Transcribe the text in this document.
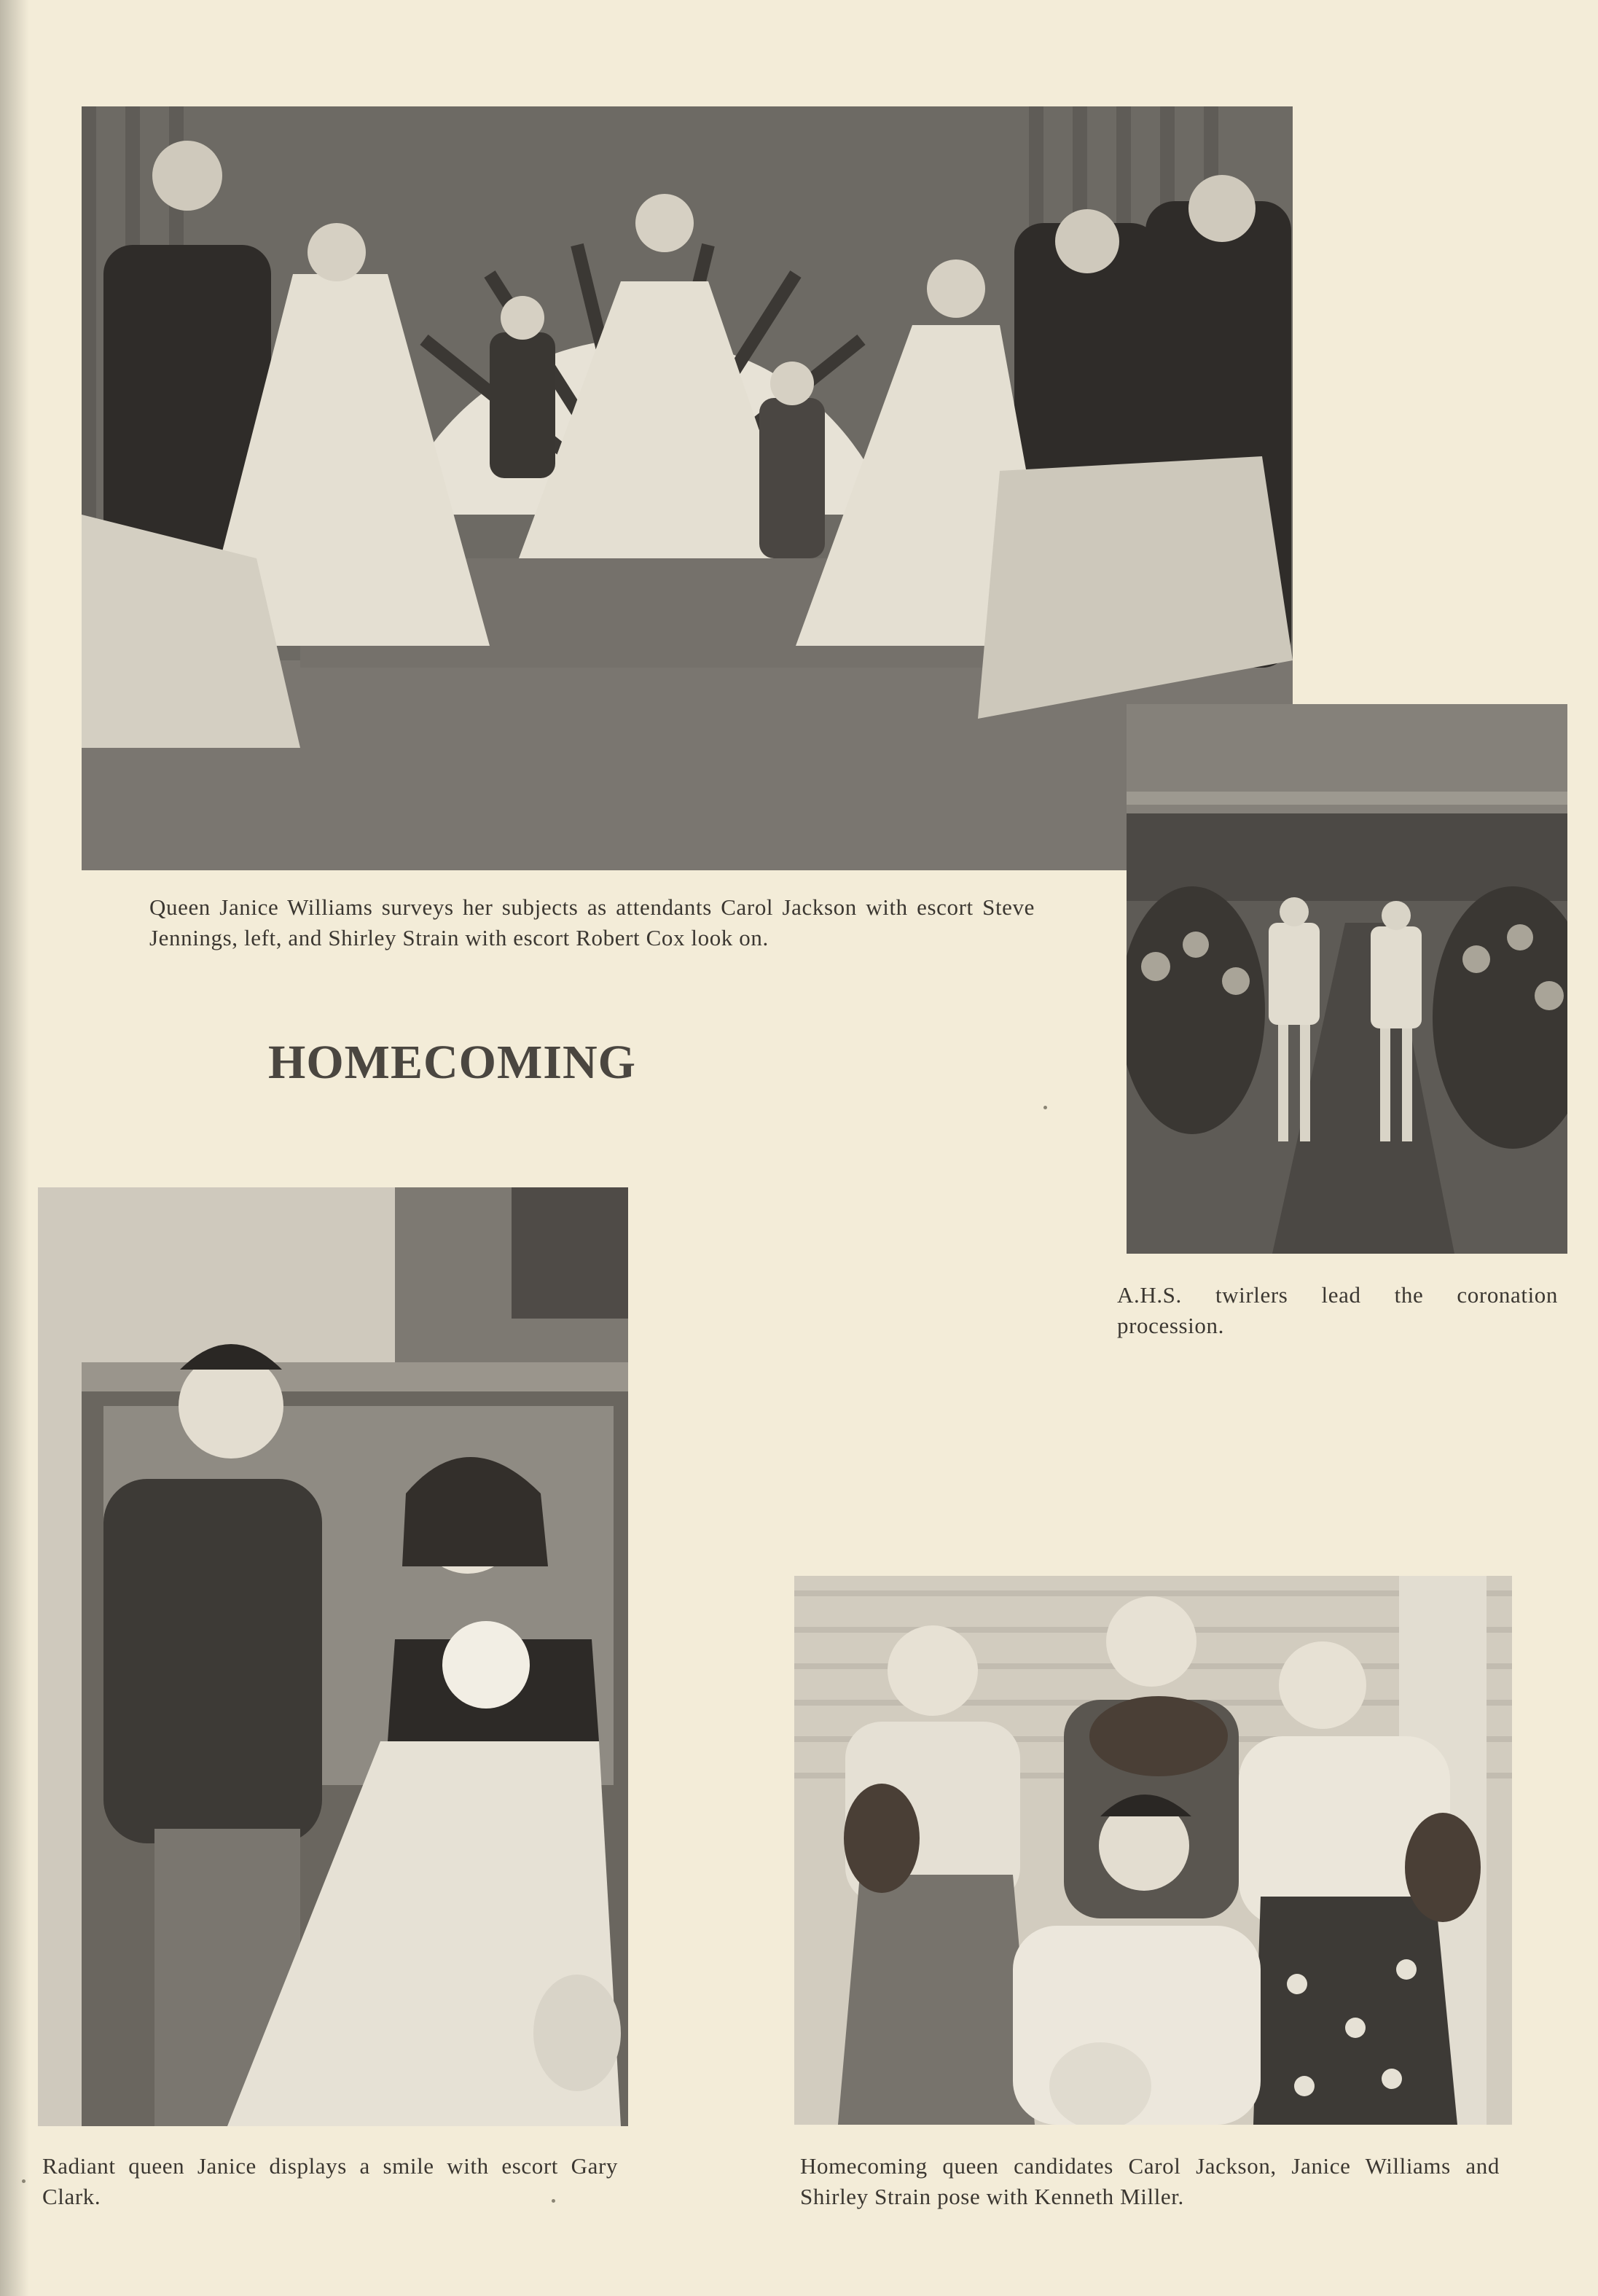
Queen Janice Williams surveys her subjects as attendants Carol Jackson with escort Steve Jennings, left, and Shirley Strain with escort Robert Cox look on.

A.H.S. twirlers lead the coronation procession.

HOMECOMING

Radiant queen Janice displays a smile with escort Gary Clark.

Homecoming queen candidates Carol Jackson, Janice Williams and Shirley Strain pose with Kenneth Miller.
